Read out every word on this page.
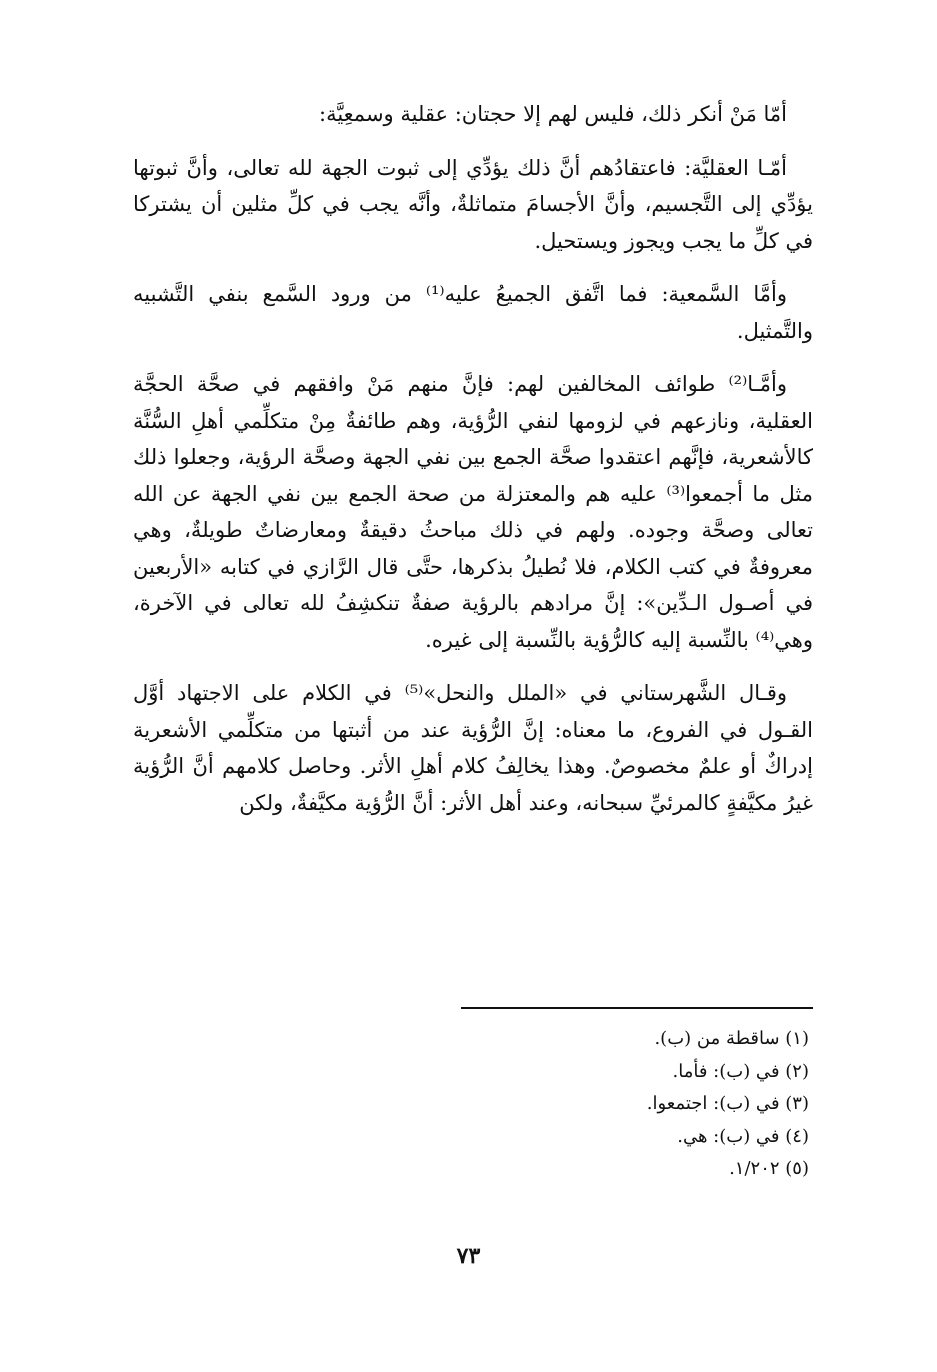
أمّا مَنْ أنكر ذلك، فليس لهم إلا حجتان: عقلية وسمعِيَّة:

أمّـا العقليَّة: فاعتقادُهم أنَّ ذلك يؤدِّي إلى ثبوت الجهة لله تعالى، وأنَّ ثبوتها يؤدِّي إلى التَّجسيم، وأنَّ الأجسامَ متماثلةٌ، وأنَّه يجب في كلِّ مثلين أن يشتركا في كلِّ ما يجب ويجوز ويستحيل.

وأمَّا السَّمعية: فما اتَّفق الجميعُ عليه⁽¹⁾ من ورود السَّمع بنفي التَّشبيه والتَّمثيل.

وأمَّـا⁽²⁾ طوائف المخالفين لهم: فإنَّ منهم مَنْ وافقهم في صحَّة الحجَّة العقلية، ونازعهم في لزومها لنفي الرُّؤية، وهم طائفةٌ مِنْ متكلِّمي أهلِ السُّنَّة كالأشعرية، فإنَّهم اعتقدوا صحَّة الجمع بين نفي الجهة وصحَّة الرؤية، وجعلوا ذلك مثل ما أجمعوا⁽³⁾ عليه هم والمعتزلة من صحة الجمع بين نفي الجهة عن الله تعالى وصحَّة وجوده. ولهم في ذلك مباحثُ دقيقةٌ ومعارضاتٌ طويلةٌ، وهي معروفةٌ في كتب الكلام، فلا نُطيلُ بذكرها، حتَّى قال الرَّازي في كتابه «الأربعين في أصـول الـدِّين»: إنَّ مرادهم بالرؤية صفةٌ تنكشِفُ لله تعالى في الآخرة، وهي⁽⁴⁾ بالنِّسبة إليه كالرُّؤية بالنِّسبة إلى غيره.

وقـال الشَّهرستاني في «الملل والنحل»⁽⁵⁾ في الكلام على الاجتهاد أوَّل القـول في الفروع، ما معناه: إنَّ الرُّؤية عند من أثبتها من متكلِّمي الأشعرية إدراكٌ أو علمٌ مخصوصٌ. وهذا يخالِفُ كلام أهلِ الأثر. وحاصل كلامهم أنَّ الرُّؤية غيرُ مكيَّفةٍ كالمرئيِّ سبحانه، وعند أهل الأثر: أنَّ الرُّؤية مكيَّفةٌ، ولكن

(١) ساقطة من (ب).
(٢) في (ب): فأما.
(٣) في (ب): اجتمعوا.
(٤) في (ب): هي.
(٥) ١/٢٠٢.
٧٣
